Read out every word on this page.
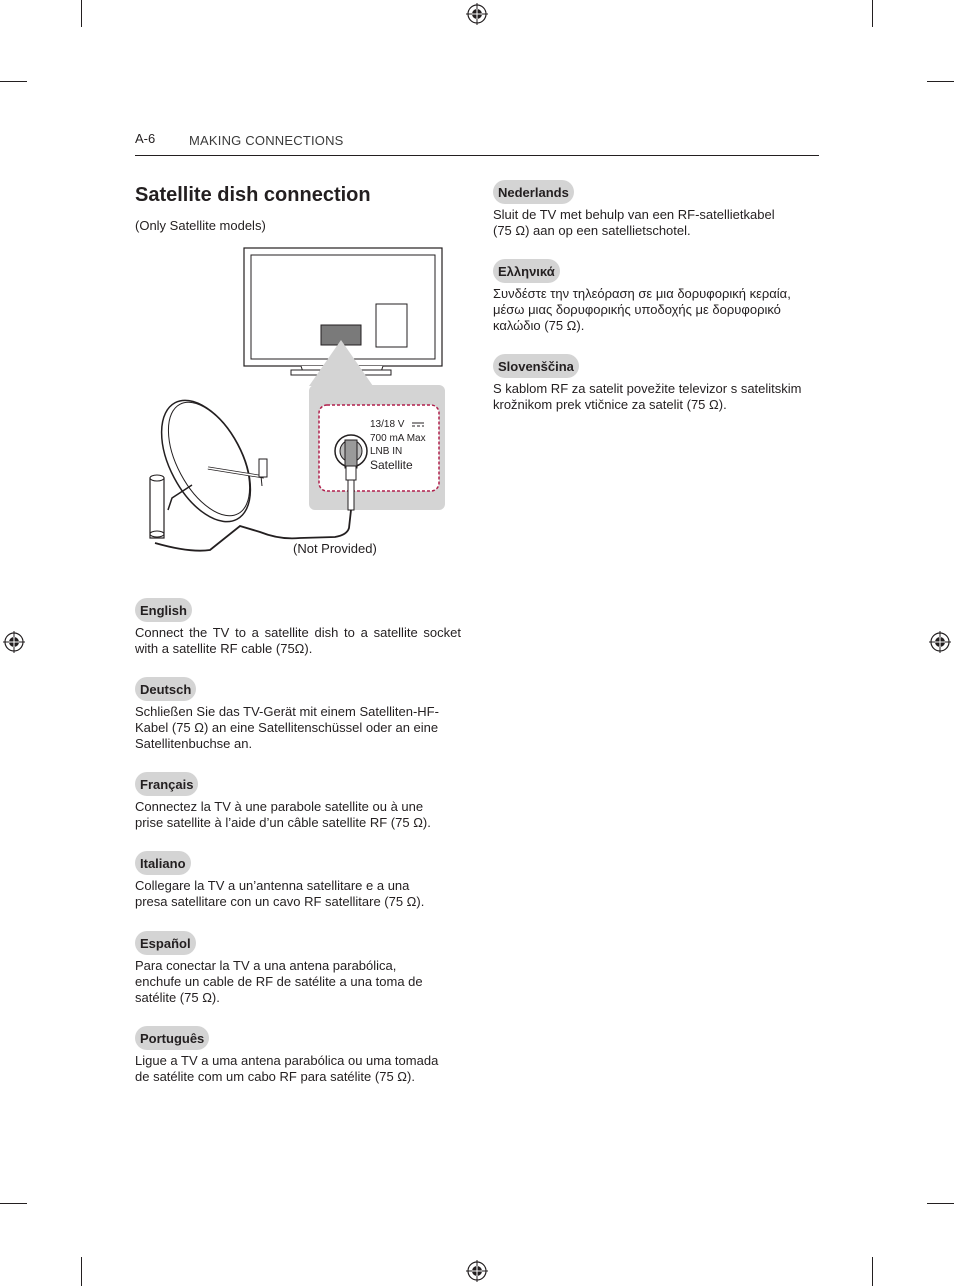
A-6	MAKING CONNECTIONS
Satellite dish connection
(Only Satellite models)
13/18 V
700 mA Max
LNB IN
Satellite
(Not Provided)
English
Connect the TV to a satellite dish to a satellite socket with a satellite RF cable (75Ω).
Deutsch
Schließen Sie das TV-Gerät mit einem Satelliten-HF-Kabel (75 Ω) an eine Satellitenschüssel oder an eine Satellitenbuchse an.
Français
Connectez la TV à une parabole satellite ou à une prise satellite à l’aide d’un câble satellite RF (75 Ω).
Italiano
Collegare la TV a un’antenna satellitare e a una presa satellitare con un cavo RF satellitare (75 Ω).
Español
Para conectar la TV a una antena parabólica, enchufe un cable de RF de satélite a una toma de satélite (75 Ω).
Português
Ligue a TV a uma antena parabólica ou uma tomada de satélite com um cabo RF para satélite (75 Ω).
Nederlands
Sluit de TV met behulp van een RF-satellietkabel (75 Ω) aan op een satellietschotel.
Ελληνικά
Συνδέστε την τηλεόραση σε μια δορυφορική κεραία, μέσω μιας δορυφορικής υποδοχής με δορυφορικό καλώδιο (75 Ω).
Slovenščina
S kablom RF za satelit povežite televizor s satelitskim krožnikom prek vtičnice za satelit (75 Ω).
